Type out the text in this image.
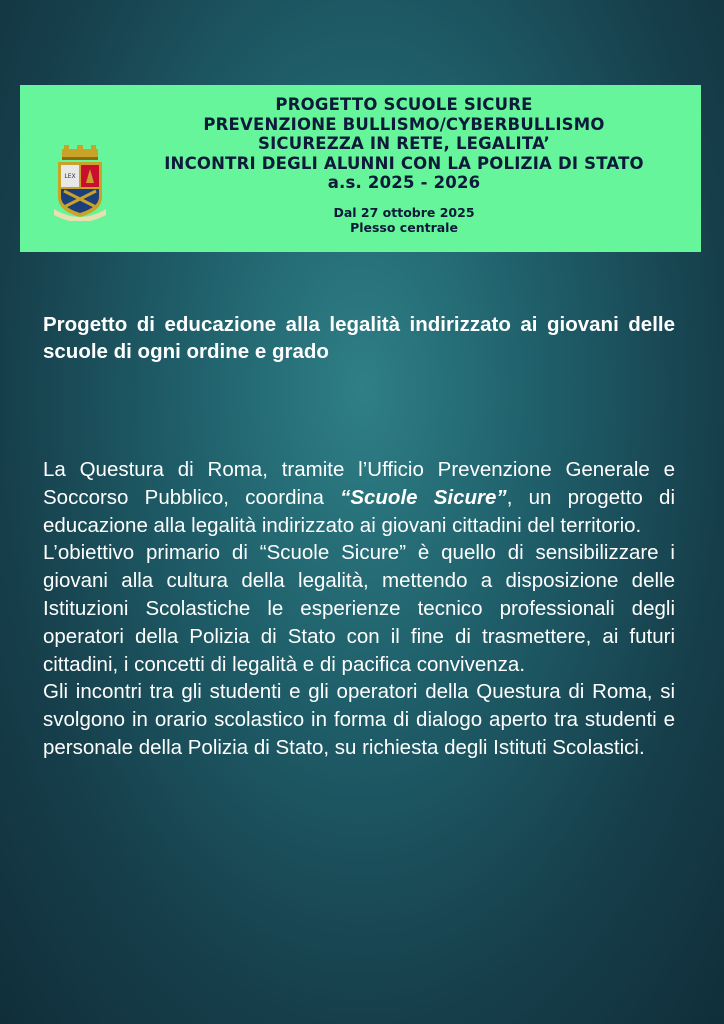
LEX
PROGETTO SCUOLE SICURE
PREVENZIONE BULLISMO/CYBERBULLISMO
SICUREZZA IN RETE, LEGALITA’
INCONTRI DEGLI ALUNNI CON LA POLIZIA DI STATO
a.s. 2025 - 2026
Dal 27 ottobre 2025
Plesso centrale
Progetto di educazione alla legalità indirizzato ai giovani delle scuole di ogni ordine e grado

La Questura di Roma, tramite l’Ufficio Prevenzione Generale e Soccorso Pubblico, coordina “Scuole Sicure”, un progetto di educazione alla legalità indirizzato ai giovani cittadini del territorio.

L’obiettivo primario di “Scuole Sicure” è quello di sensibilizzare i giovani alla cultura della legalità, mettendo a disposizione delle Istituzioni Scolastiche le esperienze tecnico professionali degli operatori della Polizia di Stato con il fine di trasmettere, ai futuri cittadini, i concetti di legalità e di pacifica convivenza.

Gli incontri tra gli studenti e gli operatori della Questura di Roma, si svolgono in orario scolastico in forma di dialogo aperto tra studenti e personale della Polizia di Stato, su richiesta degli Istituti Scolastici.
